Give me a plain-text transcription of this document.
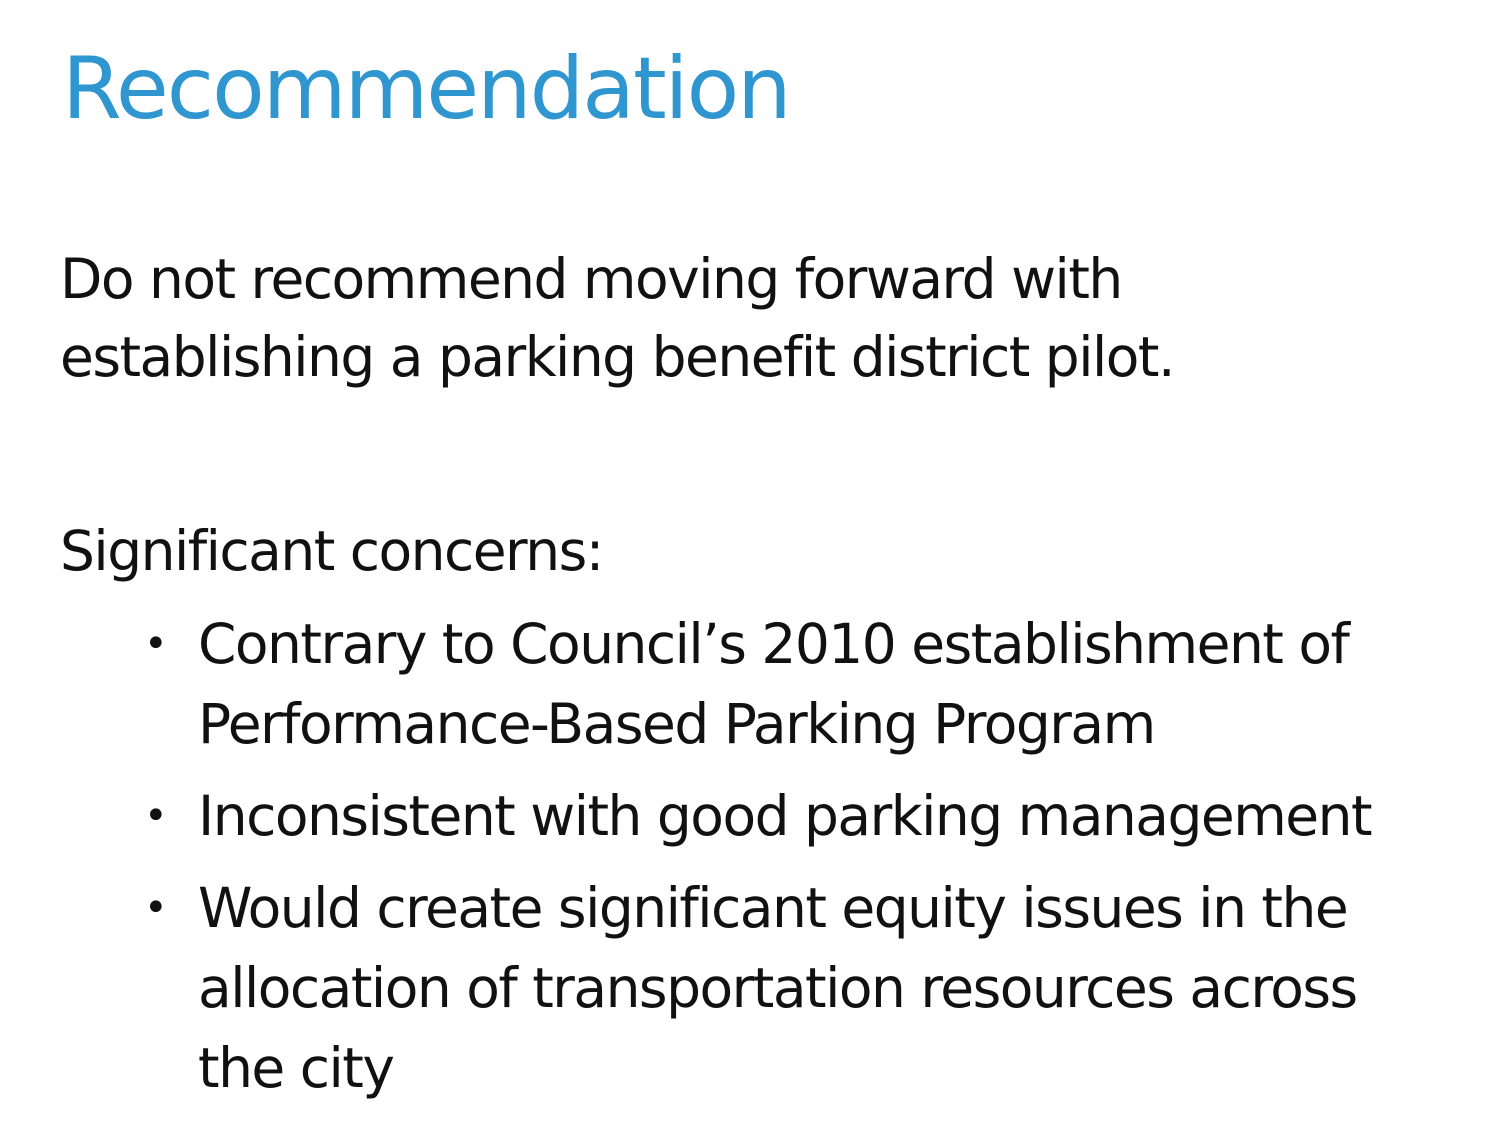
Recommendation

Do not recommend moving forward with
establishing a parking benefit district pilot.

Significant concerns:

• Contrary to Council’s 2010 establishment of
Performance-Based Parking Program
• Inconsistent with good parking management
• Would create significant equity issues in the
allocation of transportation resources across
the city
